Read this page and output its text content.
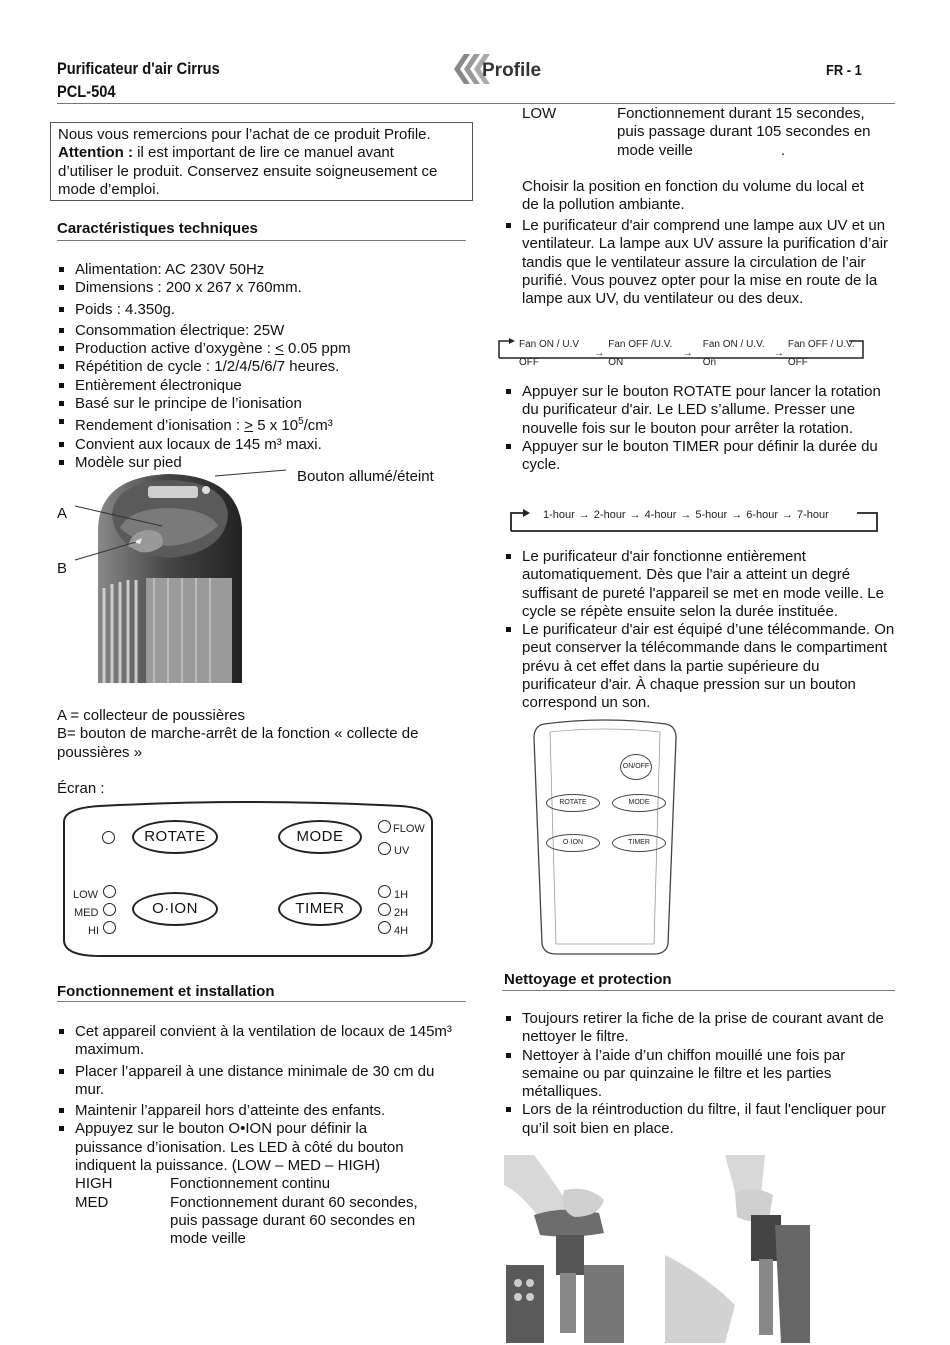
Purificateur d'air Cirrus
PCL-504
Profile	FR - 1
Nous vous remercions pour l’achat de ce produit Profile.
Attention : il est important de lire ce manuel avant
d’utiliser le produit. Conservez ensuite soigneusement ce
mode d’emploi.
Caractéristiques techniques
Alimentation: AC 230V 50Hz
Dimensions : 200 x 267 x 760mm.
Poids : 4.350g.
Consommation électrique: 25W
Production active d’oxygène : < 0.05 ppm
Répétition de cycle : 1/2/4/5/6/7 heures.
Entièrement électronique
Basé sur le principe de l’ionisation
Rendement d’ionisation : > 5 x $10^5$/cm³
Convient aux locaux de 145 m³ maxi.
Modèle sur pied
Bouton allumé/éteint
A
B
A = collecteur de poussières
B= bouton de marche-arrêt de la fonction « collecte de
poussières »
Écran :
ROTATE	MODE	FLOW
UV
LOW
MED
HI
O·ION	TIMER
1H
2H
4H
Fonctionnement et installation
Cet appareil convient à la ventilation de locaux de 145m³ maximum.
Placer l’appareil à une distance minimale de 30 cm du mur.
Maintenir l’appareil hors d’atteinte des enfants.
Appuyez sur le bouton O•ION pour définir la
puissance d’ionisation. Les LED à côté du bouton
indiquent la puissance. (LOW – MED – HIGH)
HIGH	Fonctionnement continu
MED	Fonctionnement durant 60 secondes,
puis passage durant 60 secondes en
mode veille
LOW	Fonctionnement durant 15 secondes,
puis passage durant 105 secondes en
mode veille	.
Choisir la position en fonction du volume du local et
de la pollution ambiante.
Le purificateur d'air comprend une lampe aux UV et un ventilateur. La lampe aux UV assure la purification d’air tandis que le ventilateur assure la circulation de l’air purifié. Vous pouvez opter pour la mise en route de la lampe aux UV, du ventilateur ou des deux.
Fan ON / U.V OFF
→
Fan OFF /U.V. ON
→
Fan ON / U.V. On
→
Fan OFF / U.V. OFF
Appuyer sur le bouton ROTATE pour lancer la rotation du purificateur d'air. Le LED s’allume. Presser une nouvelle fois sur le bouton pour arrêter la rotation.
Appuyer sur le bouton TIMER pour définir la durée du cycle.
1-hour → 2-hour → 4-hour → 5-hour → 6-hour → 7-hour
Le purificateur d'air fonctionne entièrement automatiquement. Dès que l'air a atteint un degré suffisant de pureté l'appareil se met en mode veille. Le cycle se répète ensuite selon la durée instituée.
Le purificateur d'air est équipé d’une télécommande. On peut conserver la télécommande dans le compartiment prévu à cet effet dans la partie supérieure du purificateur d'air. À chaque pression sur un bouton correspond un son.
ON/OFF
ROTATE	MODE
O·ION	TIMER
Nettoyage et protection
Toujours retirer la fiche de la prise de courant avant de nettoyer le filtre.
Nettoyer à l’aide d’un chiffon mouillé une fois par semaine ou par quinzaine le filtre et les parties métalliques.
Lors de la réintroduction du filtre, il faut l'encliquer pour qu’il soit bien en place.
